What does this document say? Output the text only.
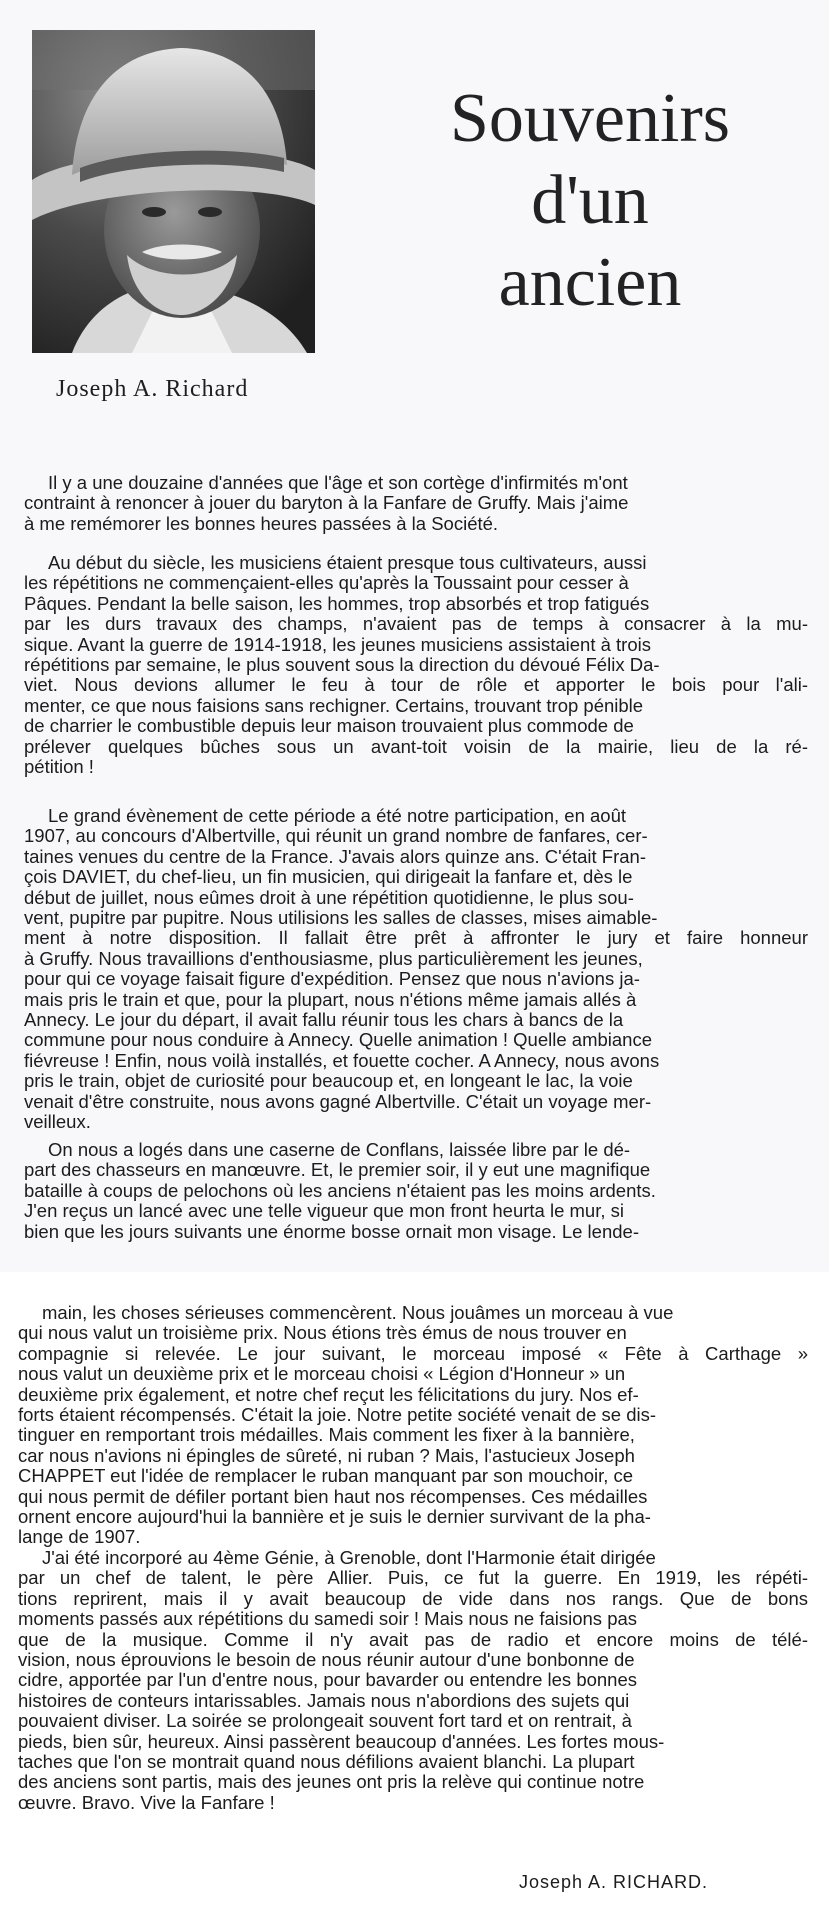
Souvenirs
d'un
ancien
Joseph A. Richard
Il y a une douzaine d'années que l'âge et son cortège d'infirmités m'ont
contraint à renoncer à jouer du baryton à la Fanfare de Gruffy. Mais j'aime
à me remémorer les bonnes heures passées à la Société.
Au début du siècle, les musiciens étaient presque tous cultivateurs, aussi
les répétitions ne commençaient-elles qu'après la Toussaint pour cesser à
Pâques. Pendant la belle saison, les hommes, trop absorbés et trop fatigués
par les durs travaux des champs, n'avaient pas de temps à consacrer à la mu-
sique. Avant la guerre de 1914-1918, les jeunes musiciens assistaient à trois
répétitions par semaine, le plus souvent sous la direction du dévoué Félix Da-
viet. Nous devions allumer le feu à tour de rôle et apporter le bois pour l'ali-
menter, ce que nous faisions sans rechigner. Certains, trouvant trop pénible
de charrier le combustible depuis leur maison trouvaient plus commode de
prélever quelques bûches sous un avant-toit voisin de la mairie, lieu de la ré-
pétition !
Le grand évènement de cette période a été notre participation, en août
1907, au concours d'Albertville, qui réunit un grand nombre de fanfares, cer-
taines venues du centre de la France. J'avais alors quinze ans. C'était Fran-
çois DAVIET, du chef-lieu, un fin musicien, qui dirigeait la fanfare et, dès le
début de juillet, nous eûmes droit à une répétition quotidienne, le plus sou-
vent, pupitre par pupitre. Nous utilisions les salles de classes, mises aimable-
ment à notre disposition. Il fallait être prêt à affronter le jury et faire honneur
à Gruffy. Nous travaillions d'enthousiasme, plus particulièrement les jeunes,
pour qui ce voyage faisait figure d'expédition. Pensez que nous n'avions ja-
mais pris le train et que, pour la plupart, nous n'étions même jamais allés à
Annecy. Le jour du départ, il avait fallu réunir tous les chars à bancs de la
commune pour nous conduire à Annecy. Quelle animation ! Quelle ambiance
fiévreuse ! Enfin, nous voilà installés, et fouette cocher. A Annecy, nous avons
pris le train, objet de curiosité pour beaucoup et, en longeant le lac, la voie
venait d'être construite, nous avons gagné Albertville. C'était un voyage mer-
veilleux.
On nous a logés dans une caserne de Conflans, laissée libre par le dé-
part des chasseurs en manœuvre. Et, le premier soir, il y eut une magnifique
bataille à coups de pelochons où les anciens n'étaient pas les moins ardents.
J'en reçus un lancé avec une telle vigueur que mon front heurta le mur, si
bien que les jours suivants une énorme bosse ornait mon visage. Le lende-
main, les choses sérieuses commencèrent. Nous jouâmes un morceau à vue
qui nous valut un troisième prix. Nous étions très émus de nous trouver en
compagnie si relevée. Le jour suivant, le morceau imposé « Fête à Carthage »
nous valut un deuxième prix et le morceau choisi « Légion d'Honneur » un
deuxième prix également, et notre chef reçut les félicitations du jury. Nos ef-
forts étaient récompensés. C'était la joie. Notre petite société venait de se dis-
tinguer en remportant trois médailles. Mais comment les fixer à la bannière,
car nous n'avions ni épingles de sûreté, ni ruban ? Mais, l'astucieux Joseph
CHAPPET eut l'idée de remplacer le ruban manquant par son mouchoir, ce
qui nous permit de défiler portant bien haut nos récompenses. Ces médailles
ornent encore aujourd'hui la bannière et je suis le dernier survivant de la pha-
lange de 1907.
J'ai été incorporé au 4ème Génie, à Grenoble, dont l'Harmonie était dirigée
par un chef de talent, le père Allier. Puis, ce fut la guerre. En 1919, les répéti-
tions reprirent, mais il y avait beaucoup de vide dans nos rangs. Que de bons
moments passés aux répétitions du samedi soir ! Mais nous ne faisions pas
que de la musique. Comme il n'y avait pas de radio et encore moins de télé-
vision, nous éprouvions le besoin de nous réunir autour d'une bonbonne de
cidre, apportée par l'un d'entre nous, pour bavarder ou entendre les bonnes
histoires de conteurs intarissables. Jamais nous n'abordions des sujets qui
pouvaient diviser. La soirée se prolongeait souvent fort tard et on rentrait, à
pieds, bien sûr, heureux. Ainsi passèrent beaucoup d'années. Les fortes mous-
taches que l'on se montrait quand nous défilions avaient blanchi. La plupart
des anciens sont partis, mais des jeunes ont pris la relève qui continue notre
œuvre. Bravo. Vive la Fanfare !
Joseph A. RICHARD.
